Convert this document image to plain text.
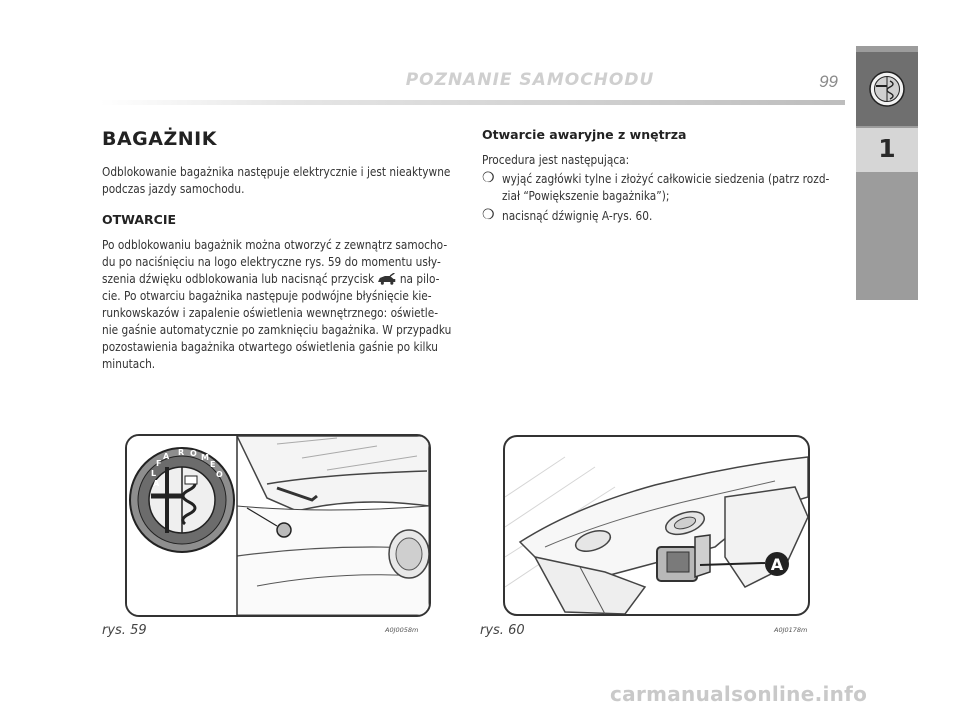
POZNANIE SAMOCHODU	99
1
BAGAŻNIK
Odblokowanie bagażnika następuje elektrycznie i jest nieaktywne
podczas jazdy samochodu.
OTWARCIE
Po odblokowaniu bagażnik można otworzyć z zewnątrz samocho-
du po naciśnięciu na logo elektryczne rys. 59 do momentu usły-
szenia dźwięku odblokowania lub nacisnąć przycisk na pilo-
cie. Po otwarciu bagażnika następuje podwójne błyśnięcie kie-
runkowskazów i zapalenie oświetlenia wewnętrznego: oświetle-
nie gaśnie automatycznie po zamknięciu bagażnika. W przypadku
pozostawienia bagażnika otwartego oświetlenia gaśnie po kilku
minutach.
Otwarcie awaryjne z wnętrza
Procedura jest następująca:
❍ wyjąć zagłówki tylne i złożyć całkowicie siedzenia (patrz rozd-
ział “Powiększenie bagażnika”);
❍ nacisnąć dźwignię A-rys. 60.
A
L
F
A R O M
E
O
rys. 59	A0J0058m
A
rys. 60	A0J0178m
carmanualsonline.info
